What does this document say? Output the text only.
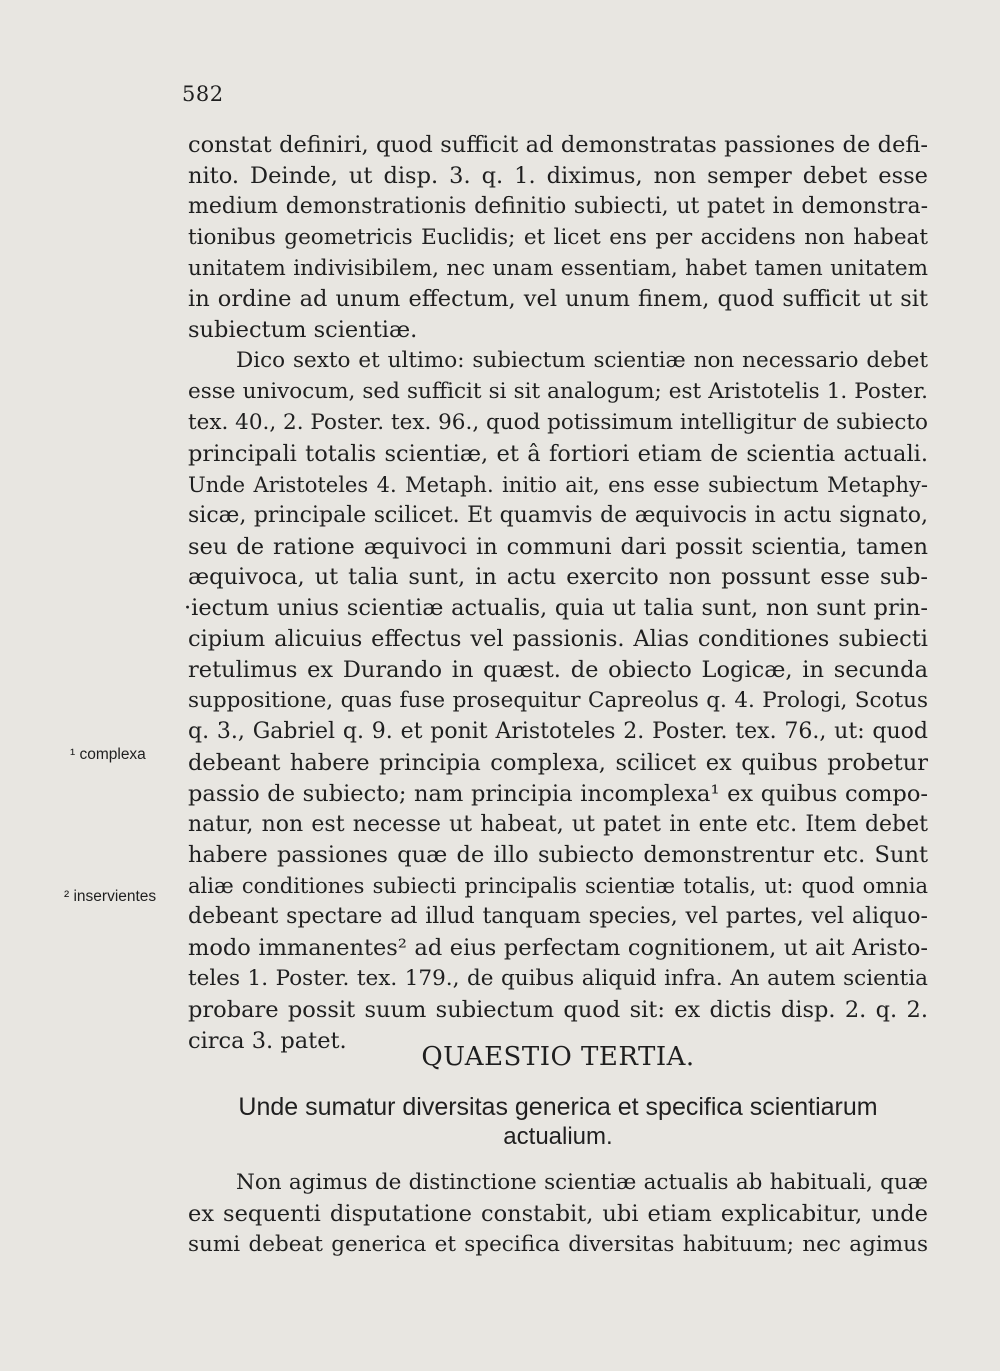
582
constat definiri, quod sufficit ad demonstratas passiones de defi-
nito. Deinde, ut disp. 3. q. 1. diximus, non semper debet esse
medium demonstrationis definitio subiecti, ut patet in demonstra-
tionibus geometricis Euclidis; et licet ens per accidens non habeat
unitatem indivisibilem, nec unam essentiam, habet tamen unitatem
in ordine ad unum effectum, vel unum finem, quod sufficit ut sit
subiectum scientiæ.
Dico sexto et ultimo: subiectum scientiæ non necessario debet
esse univocum, sed sufficit si sit analogum; est Aristotelis 1. Poster.
tex. 40., 2. Poster. tex. 96., quod potissimum intelligitur de subiecto
principali totalis scientiæ, et â fortiori etiam de scientia actuali.
Unde Aristoteles 4. Metaph. initio ait, ens esse subiectum Metaphy-
sicæ, principale scilicet. Et quamvis de æquivocis in actu signato,
seu de ratione æquivoci in communi dari possit scientia, tamen
æquivoca, ut talia sunt, in actu exercito non possunt esse sub-
·iectum unius scientiæ actualis, quia ut talia sunt, non sunt prin-
cipium alicuius effectus vel passionis. Alias conditiones subiecti
retulimus ex Durando in quæst. de obiecto Logicæ, in secunda
suppositione, quas fuse prosequitur Capreolus q. 4. Prologi, Scotus
q. 3., Gabriel q. 9. et ponit Aristoteles 2. Poster. tex. 76., ut: quod
debeant habere principia complexa, scilicet ex quibus probetur
passio de subiecto; nam principia incomplexa¹ ex quibus compo-
natur, non est necesse ut habeat, ut patet in ente etc. Item debet
habere passiones quæ de illo subiecto demonstrentur etc. Sunt
aliæ conditiones subiecti principalis scientiæ totalis, ut: quod omnia
debeant spectare ad illud tanquam species, vel partes, vel aliquo-
modo immanentes² ad eius perfectam cognitionem, ut ait Aristo-
teles 1. Poster. tex. 179., de quibus aliquid infra. An autem scientia
probare possit suum subiectum quod sit: ex dictis disp. 2. q. 2.
circa 3. patet.
¹ complexa
² inservientes
QUAESTIO TERTIA.
Unde sumatur diversitas generica et specifica scientiarum
actualium.
Non agimus de distinctione scientiæ actualis ab habituali, quæ
ex sequenti disputatione constabit, ubi etiam explicabitur, unde
sumi debeat generica et specifica diversitas habituum; nec agimus
